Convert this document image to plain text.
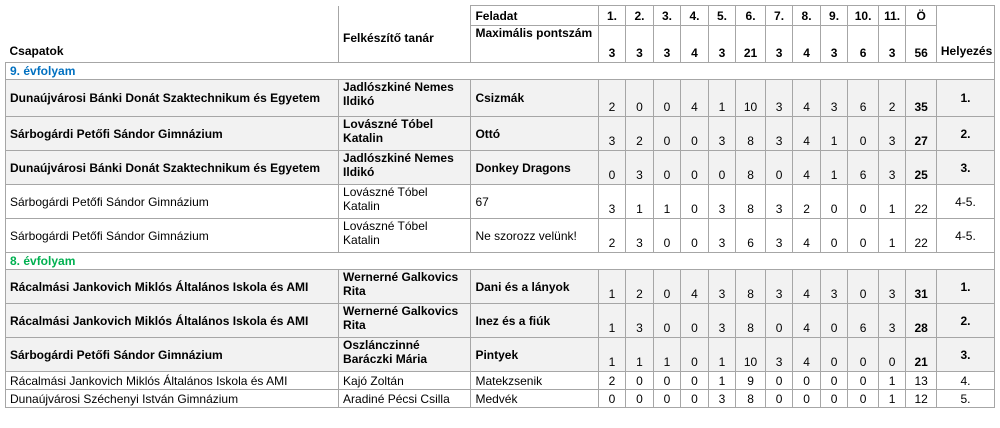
Csapatok	Felkészítő tanár	Feladat	1.	2.	3.	4.	5.	6.	7.	8.	9.	10.	11.	Ö	Helyezés
		Maximális pontszám	3	3	3	4	3	21	3	4	3	6	3	56	
9. évfolyam															
Dunaújvárosi Bánki Donát Szaktechnikum és Egyetem	Jadlószkiné Nemes Ildikó	Csizmák	2	0	0	4	1	10	3	4	3	6	2	35	1.
Sárbogárdi Petőfi Sándor Gimnázium	Lovászné Tóbel Katalin	Ottó	3	2	0	0	3	8	3	4	1	0	3	27	2.
Dunaújvárosi Bánki Donát Szaktechnikum és Egyetem	Jadlószkiné Nemes Ildikó	Donkey Dragons	0	3	0	0	0	8	0	4	1	6	3	25	3.
Sárbogárdi Petőfi Sándor Gimnázium	Lovászné Tóbel Katalin	67	3	1	1	0	3	8	3	2	0	0	1	22	4-5.
Sárbogárdi Petőfi Sándor Gimnázium	Lovászné Tóbel Katalin	Ne szorozz velünk!	2	3	0	0	3	6	3	4	0	0	1	22	4-5.
8. évfolyam															
Rácalmási Jankovich Miklós Általános Iskola és AMI	Wernerné Galkovics Rita	Dani és a lányok	1	2	0	4	3	8	3	4	3	0	3	31	1.
Rácalmási Jankovich Miklós Általános Iskola és AMI	Wernerné Galkovics Rita	Inez és a fiúk	1	3	0	0	3	8	0	4	0	6	3	28	2.
Sárbogárdi Petőfi Sándor Gimnázium	Oszlánczinné Baráczki Mária	Pintyek	1	1	1	0	1	10	3	4	0	0	0	21	3.
Rácalmási Jankovich Miklós Általános Iskola és AMI	Kajó Zoltán	Matekzsenik	2	0	0	0	1	9	0	0	0	0	1	13	4.
Dunaújvárosi Széchenyi István Gimnázium	Aradiné Pécsi Csilla	Medvék	0	0	0	0	3	8	0	0	0	0	1	12	5.
